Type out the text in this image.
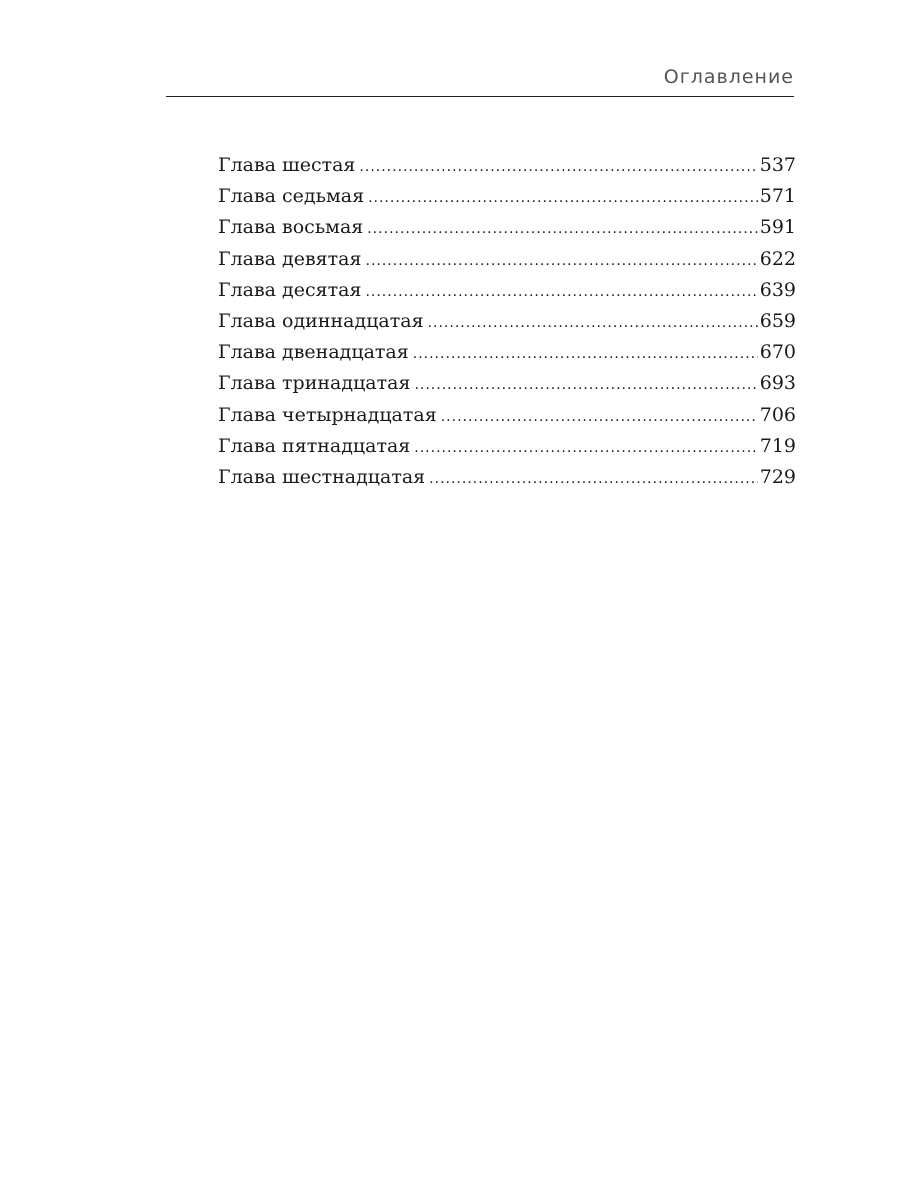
Оглавление
Глава шестая .....	537
Глава седьмая .....	571
Глава восьмая .....	591
Глава девятая .....	622
Глава десятая .....	639
Глава одиннадцатая .....	659
Глава двенадцатая .....	670
Глава тринадцатая .....	693
Глава четырнадцатая .....	706
Глава пятнадцатая .....	719
Глава шестнадцатая .....	729
